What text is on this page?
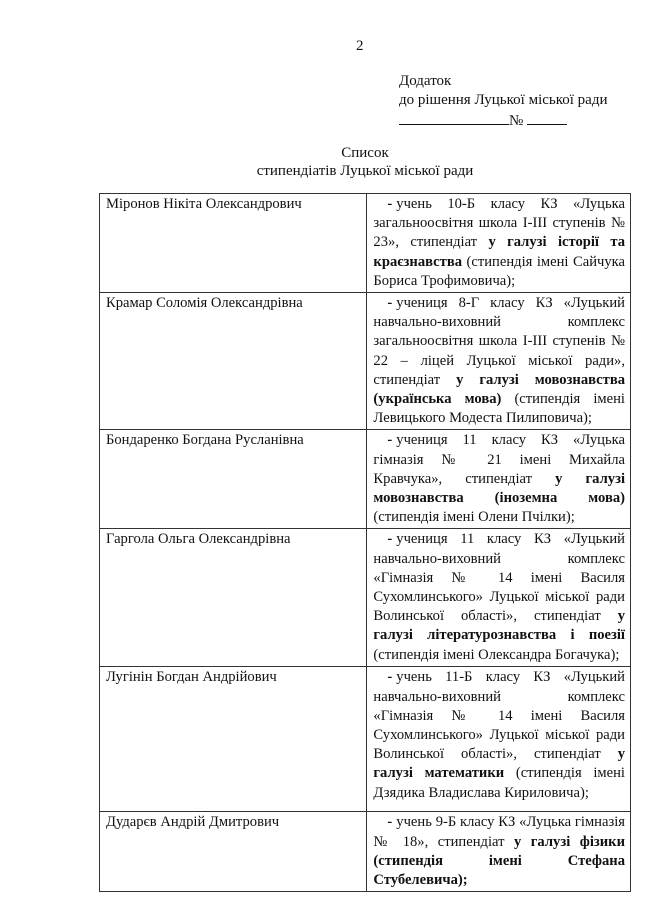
2
Додаток
до рішення Луцької міської ради
№
Список
стипендіатів Луцької міської ради
Міронов Нікіта Олександрович	- учень 10-Б класу КЗ «Луцька загальноосвітня школа І-ІІІ ступенів № 23», стипендіат у галузі історії та краєзнавства (стипендія імені Сайчука Бориса Трофимовича);
Крамар Соломія Олександрівна	- учениця 8-Г класу КЗ «Луцький навчально-виховний комплекс загальноосвітня школа І-ІІІ ступенів № 22 – ліцей Луцької міської ради», стипендіат у галузі мовознавства (українська мова) (стипендія імені Левицького Модеста Пилиповича);
Бондаренко Богдана Русланівна	- учениця 11 класу КЗ «Луцька гімназія № 21 імені Михайла Кравчука», стипендіат у галузі мовознавства (іноземна мова) (стипендія імені Олени Пчілки);
Гаргола Ольга Олександрівна	- учениця 11 класу КЗ «Луцький навчально-виховний комплекс «Гімназія № 14 імені Василя Сухомлинського» Луцької міської ради Волинської області», стипендіат у галузі літературознавства і поезії (стипендія імені Олександра Богачука);
Лугінін Богдан Андрійович	- учень 11-Б класу КЗ «Луцький навчально-виховний комплекс «Гімназія № 14 імені Василя Сухомлинського» Луцької міської ради Волинської області», стипендіат у галузі математики (стипендія імені Дзядика Владислава Кириловича);
Дударєв Андрій Дмитрович	- учень 9-Б класу КЗ «Луцька гімназія № 18», стипендіат у галузі фізики (стипендія імені Стефана Стубелевича);
